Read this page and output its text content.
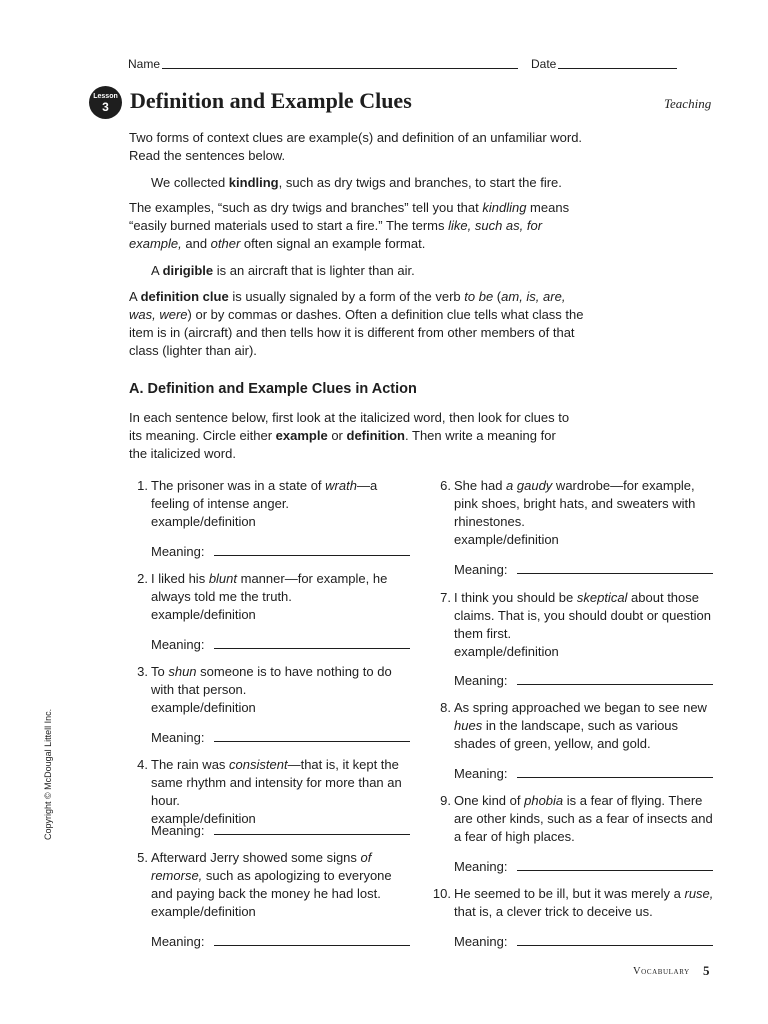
Name	Date
Lesson
3 Definition and Example Clues	Teaching
Two forms of context clues are example(s) and definition of an unfamiliar word. Read the sentences below.
We collected kindling, such as dry twigs and branches, to start the fire.
The examples, “such as dry twigs and branches” tell you that kindling means “easily burned materials used to start a fire.” The terms like, such as, for example, and other often signal an example format.
A dirigible is an aircraft that is lighter than air.
A definition clue is usually signaled by a form of the verb to be (am, is, are, was, were) or by commas or dashes. Often a definition clue tells what class the item is in (aircraft) and then tells how it is different from other members of that class (lighter than air).
A. Definition and Example Clues in Action
In each sentence below, first look at the italicized word, then look for clues to its meaning. Circle either example or definition. Then write a meaning for the italicized word.
1. The prisoner was in a state of wrath—a feeling of intense anger.
example/definition
Meaning:
2. I liked his blunt manner—for example, he always told me the truth.
example/definition
Meaning:
3. To shun someone is to have nothing to do with that person.
example/definition
Meaning:
4. The rain was consistent—that is, it kept the same rhythm and intensity for more than an hour.
example/definition
Meaning:
5. Afterward Jerry showed some signs of remorse, such as apologizing to everyone and paying back the money he had lost.
example/definition
Meaning:
6. She had a gaudy wardrobe—for example, pink shoes, bright hats, and sweaters with rhinestones.
example/definition
Meaning:
7. I think you should be skeptical about those claims. That is, you should doubt or question them first.
example/definition
Meaning:
8. As spring approached we began to see new hues in the landscape, such as various shades of green, yellow, and gold.
Meaning:
9. One kind of phobia is a fear of flying. There are other kinds, such as a fear of insects and a fear of high places.
Meaning:
10. He seemed to be ill, but it was merely a ruse, that is, a clever trick to deceive us.
Meaning:
Copyright © McDougal Littell Inc.
Vocabulary 5
